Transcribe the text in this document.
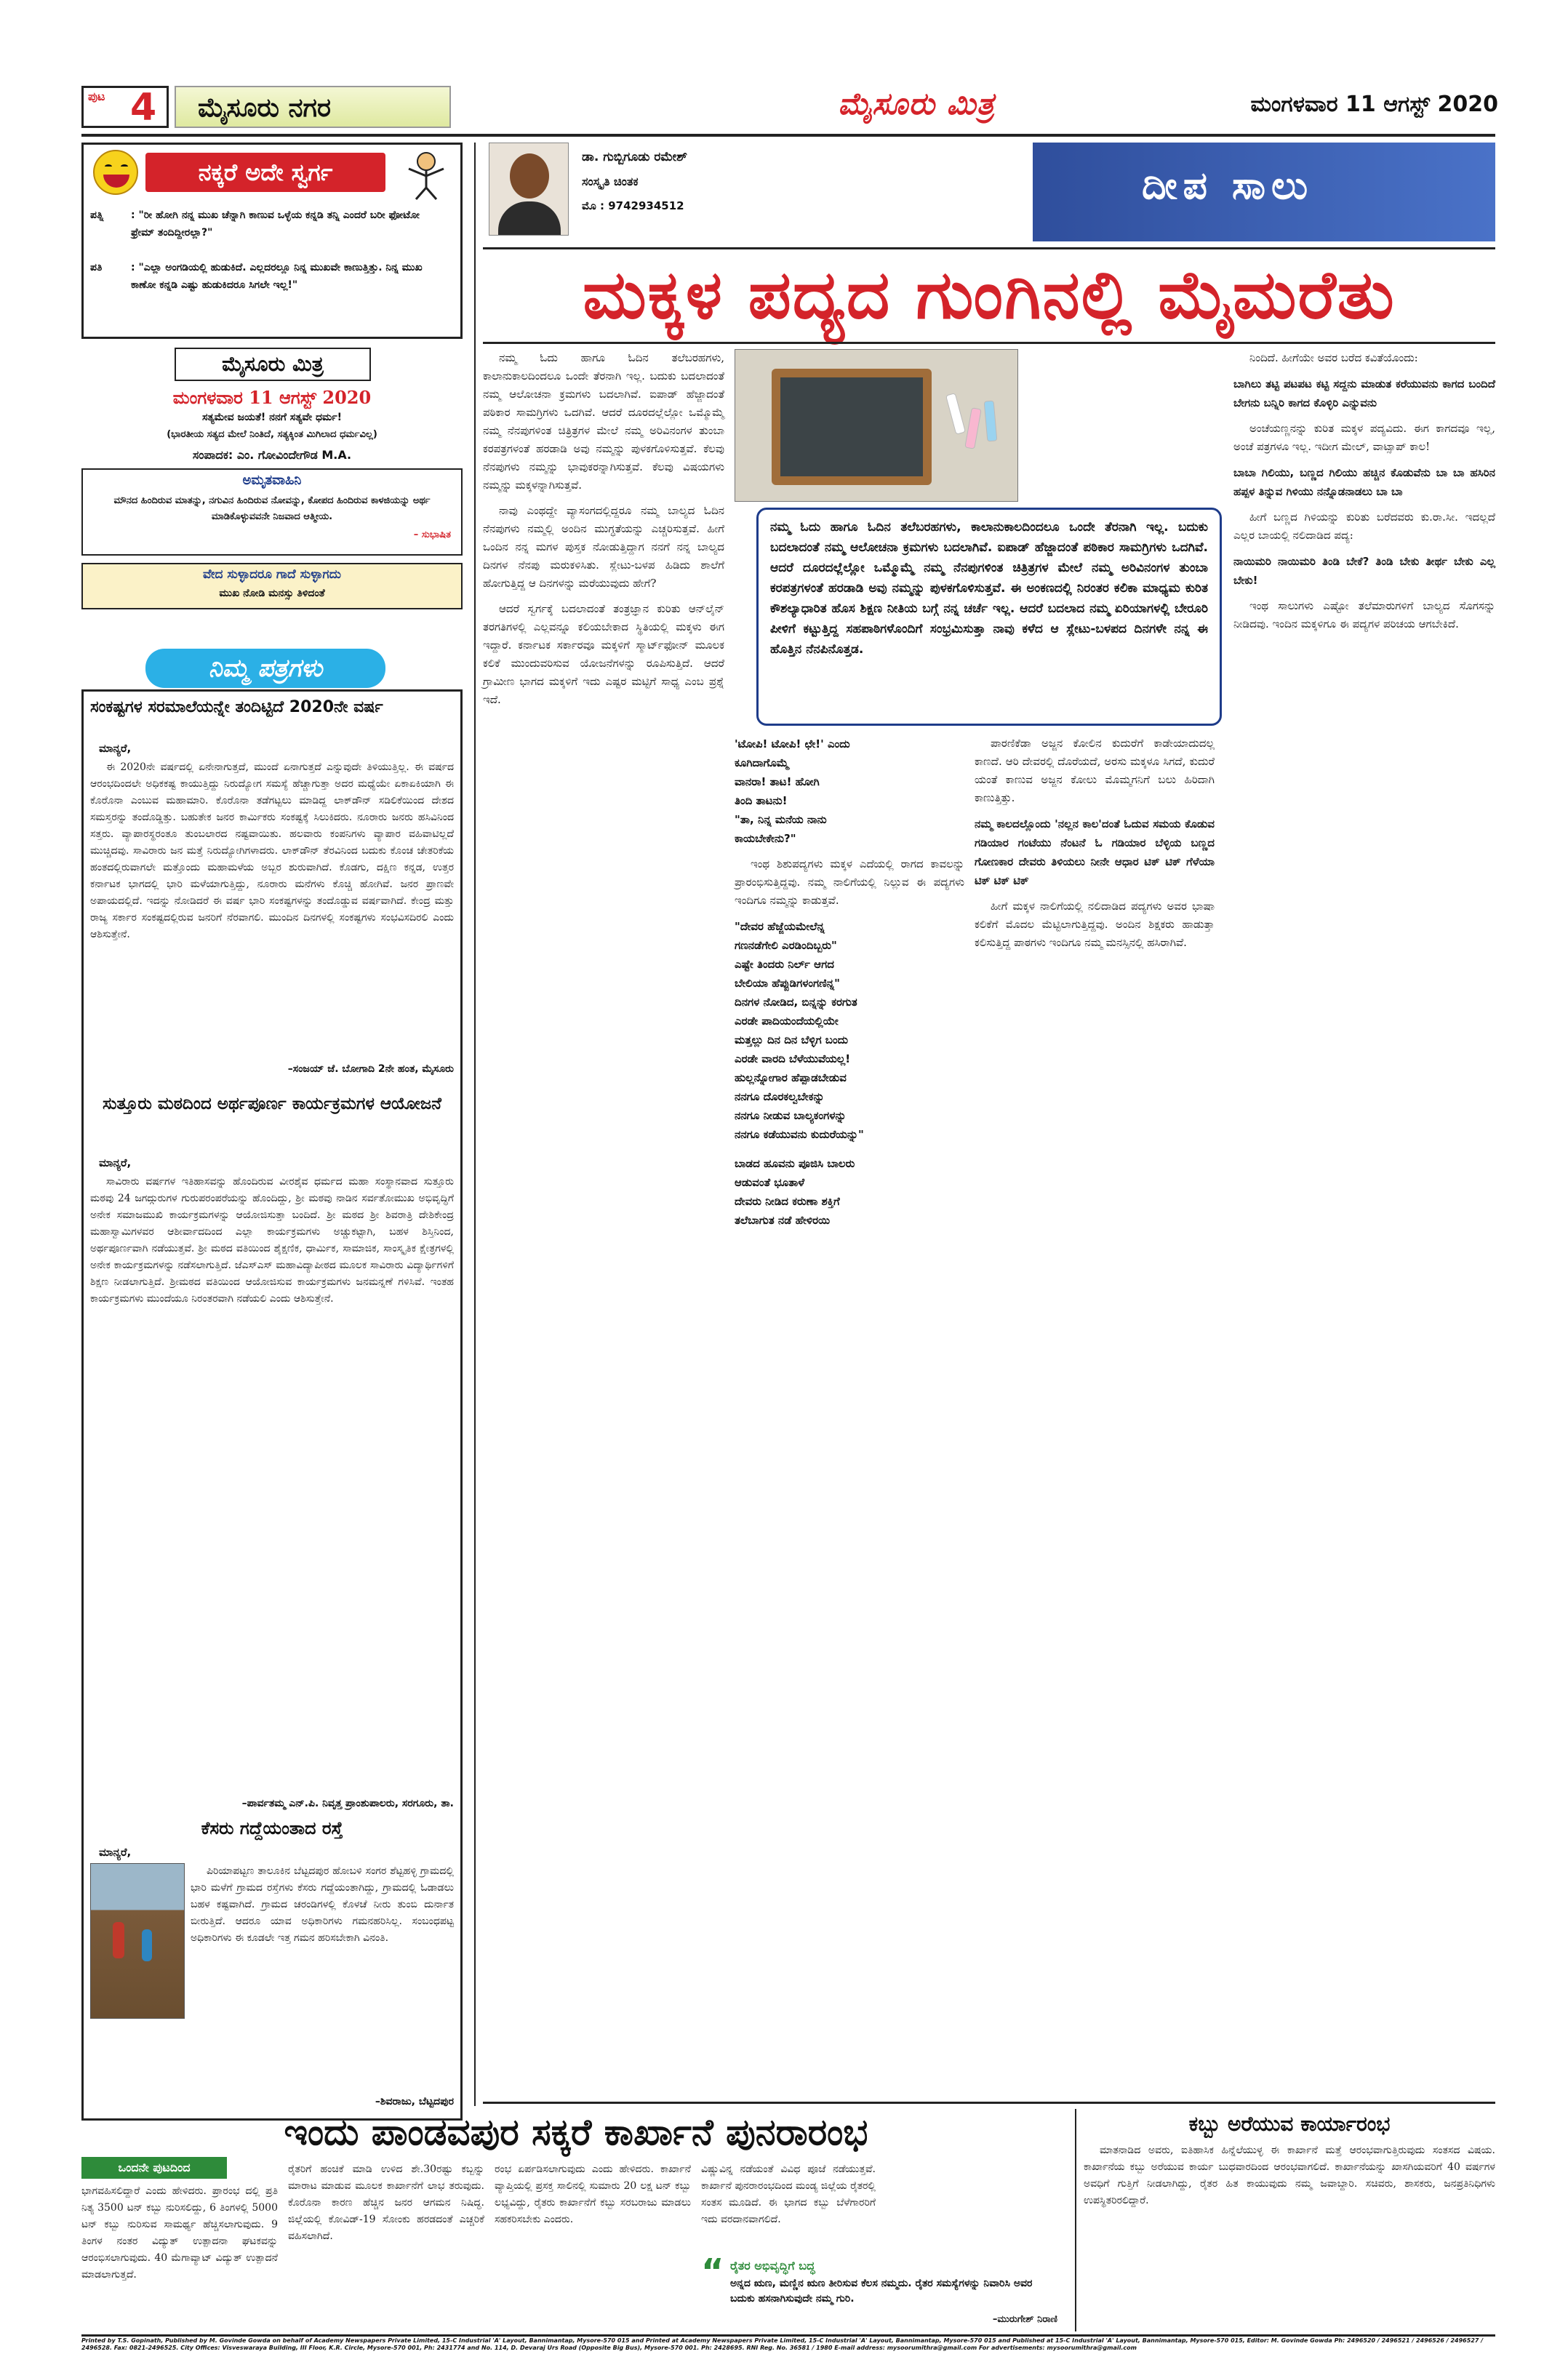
ಪುಟ 4 ಮೈಸೂರು ನಗರ	ಮೈಸೂರು ಮಿತ್ರ	ಮಂಗಳವಾರ 11 ಆಗಸ್ಟ್ 2020
ನಕ್ಕರೆ ಅದೇ ಸ್ವರ್ಗ
ಪತ್ನಿ	: "ರೀ ಹೋಗಿ ನನ್ನ ಮುಖ ಚೆನ್ನಾಗಿ ಕಾಣುವ ಒಳ್ಳೆಯ ಕನ್ನಡಿ ತನ್ನಿ ಎಂದರೆ ಬರೀ ಫೋಟೋ ಫ್ರೇಮ್ ತಂದಿದ್ದೀರಲ್ಲಾ?"
ಪತಿ	: "ಎಲ್ಲಾ ಅಂಗಡಿಯಲ್ಲಿ ಹುಡುಕಿದೆ. ಎಲ್ಲದರಲ್ಲೂ ನಿನ್ನ ಮುಖವೇ ಕಾಣುತ್ತಿತ್ತು. ನಿನ್ನ ಮುಖ ಕಾಣೋ ಕನ್ನಡಿ ಎಷ್ಟು ಹುಡುಕಿದರೂ ಸಿಗಲೇ ಇಲ್ಲ!"
ಮೈಸೂರು ಮಿತ್ರ
ಮಂಗಳವಾರ 11 ಆಗಸ್ಟ್ 2020
ಸತ್ಯಮೇವ ಜಯತೆ! ನನಗೆ ಸತ್ಯವೇ ಧರ್ಮ!
(ಭಾರತೀಯ ಸತ್ಯದ ಮೇಲೆ ನಿಂತಿದೆ, ಸತ್ಯಕ್ಕಿಂತ ಮಿಗಿಲಾದ ಧರ್ಮವಿಲ್ಲ)
ಸಂಪಾದಕ: ಎಂ. ಗೋವಿಂದೇಗೌಡ M.A.
ಅಮೃತವಾಹಿನಿ
ಮೌನದ ಹಿಂದಿರುವ ಮಾತನ್ನು, ನಗುವಿನ ಹಿಂದಿರುವ ನೋವನ್ನು, ಕೋಪದ ಹಿಂದಿರುವ ಕಾಳಜಿಯನ್ನು ಅರ್ಥ ಮಾಡಿಕೊಳ್ಳುವವನೇ ನಿಜವಾದ ಆತ್ಮೀಯ.
– ಸುಭಾಷಿತ
ವೇದ ಸುಳ್ಳಾದರೂ ಗಾದೆ ಸುಳ್ಳಾಗದು
ಮುಖ ನೋಡಿ ಮನಸ್ಸು ತಿಳಿದಂತೆ
ನಿಮ್ಮ ಪತ್ರಗಳು
ಸಂಕಷ್ಟಗಳ ಸರಮಾಲೆಯನ್ನೇ ತಂದಿಟ್ಟಿದೆ 2020ನೇ ವರ್ಷ
ಮಾನ್ಯರೆ,
ಈ 2020ನೇ ವರ್ಷದಲ್ಲಿ ಏನೇನಾಗುತ್ತದೆ, ಮುಂದೆ ಏನಾಗುತ್ತದೆ ಎನ್ನುವುದೇ ತಿಳಿಯುತ್ತಿಲ್ಲ. ಈ ವರ್ಷದ ಆರಂಭದಿಂದಲೇ ಅಧಿಕಕಷ್ಟ ಕಾಯುತ್ತಿದ್ದು ನಿರುದ್ಯೋಗ ಸಮಸ್ಯೆ ಹೆಚ್ಚಾಗುತ್ತಾ ಅದರ ಮಧ್ಯೆಯೇ ಏಕಾಏಕಿಯಾಗಿ ಈ ಕೊರೊನಾ ಎಂಬುವ ಮಹಾಮಾರಿ. ಕೊರೊನಾ ತಡೆಗಟ್ಟಲು ಮಾಡಿದ್ದ ಲಾಕ್‌ಡೌನ್ ಸಡಿಲಿಕೆಯಿಂದ ದೇಶದ ಸಮಸ್ತರನ್ನು ತಂದೊಡ್ಡಿತ್ತು. ಬಹುತೇಕ ಜನರ ಕಾರ್ಮಿಕರು ಸಂಕಷ್ಟಕ್ಕೆ ಸಿಲುಕಿದರು. ನೂರಾರು ಜನರು ಹಸಿವಿನಿಂದ ಸತ್ತರು. ವ್ಯಾಪಾರಸ್ಥರಂತೂ ತುಂಬಲಾರದ ನಷ್ಟವಾಯಿತು. ಹಲವಾರು ಕಂಪನಿಗಳು ವ್ಯಾಪಾರ ವಹಿವಾಟಿಲ್ಲದೆ ಮುಚ್ಚಿದವು. ಸಾವಿರಾರು ಜನ ಮತ್ತೆ ನಿರುದ್ಯೋಗಿಗಳಾದರು. ಲಾಕ್‌ಡೌನ್ ತೆರವಿನಿಂದ ಬದುಕು ಕೊಂಚ ಚೇತರಿಕೆಯ ಹಂತದಲ್ಲಿರುವಾಗಲೇ ಮತ್ತೊಂದು ಮಹಾಮಳೆಯ ಅಬ್ಬರ ಶುರುವಾಗಿದೆ. ಕೊಡಗು, ದಕ್ಷಿಣ ಕನ್ನಡ, ಉತ್ತರ ಕರ್ನಾಟಕ ಭಾಗದಲ್ಲಿ ಭಾರಿ ಮಳೆಯಾಗುತ್ತಿದ್ದು, ನೂರಾರು ಮನೆಗಳು ಕೊಚ್ಚಿ ಹೋಗಿವೆ. ಜನರ ಪ್ರಾಣವೇ ಅಪಾಯದಲ್ಲಿದೆ. ಇದನ್ನು ನೋಡಿದರೆ ಈ ವರ್ಷ ಭಾರಿ ಸಂಕಷ್ಟಗಳನ್ನು ತಂದೊಡ್ಡುವ ವರ್ಷವಾಗಿದೆ. ಕೇಂದ್ರ ಮತ್ತು ರಾಜ್ಯ ಸರ್ಕಾರ ಸಂಕಷ್ಟದಲ್ಲಿರುವ ಜನರಿಗೆ ನೆರವಾಗಲಿ. ಮುಂದಿನ ದಿನಗಳಲ್ಲಿ ಸಂಕಷ್ಟಗಳು ಸಂಭವಿಸದಿರಲಿ ಎಂದು ಆಶಿಸುತ್ತೇನೆ.
–ಸಂಜಯ್ ಜೆ. ಬೋಗಾದಿ 2ನೇ ಹಂತ, ಮೈಸೂರು
ಸುತ್ತೂರು ಮಠದಿಂದ ಅರ್ಥಪೂರ್ಣ ಕಾರ್ಯಕ್ರಮಗಳ ಆಯೋಜನೆ
ಮಾನ್ಯರೆ,
ಸಾವಿರಾರು ವರ್ಷಗಳ ಇತಿಹಾಸವನ್ನು ಹೊಂದಿರುವ ವೀರಶೈವ ಧರ್ಮದ ಮಹಾ ಸಂಸ್ಥಾನವಾದ ಸುತ್ತೂರು ಮಠವು 24 ಜಗದ್ಗುರುಗಳ ಗುರುಪರಂಪರೆಯನ್ನು ಹೊಂದಿದ್ದು, ಶ್ರೀ ಮಠವು ನಾಡಿನ ಸರ್ವತೋಮುಖ ಅಭಿವೃದ್ಧಿಗೆ ಅನೇಕ ಸಮಾಜಮುಖಿ ಕಾರ್ಯಕ್ರಮಗಳನ್ನು ಆಯೋಜಿಸುತ್ತಾ ಬಂದಿದೆ. ಶ್ರೀ ಮಠದ ಶ್ರೀ ಶಿವರಾತ್ರಿ ದೇಶಿಕೇಂದ್ರ ಮಹಾಸ್ವಾಮಿಗಳವರ ಆಶೀರ್ವಾದದಿಂದ ಎಲ್ಲಾ ಕಾರ್ಯಕ್ರಮಗಳು ಅಚ್ಚುಕಟ್ಟಾಗಿ, ಬಹಳ ಶಿಸ್ತಿನಿಂದ, ಅರ್ಥಪೂರ್ಣವಾಗಿ ನಡೆಯುತ್ತವೆ. ಶ್ರೀ ಮಠದ ವತಿಯಿಂದ ಶೈಕ್ಷಣಿಕ, ಧಾರ್ಮಿಕ, ಸಾಮಾಜಿಕ, ಸಾಂಸ್ಕೃತಿಕ ಕ್ಷೇತ್ರಗಳಲ್ಲಿ ಅನೇಕ ಕಾರ್ಯಕ್ರಮಗಳನ್ನು ನಡೆಸಲಾಗುತ್ತಿದೆ. ಜೆಎಸ್‌ಎಸ್ ಮಹಾವಿದ್ಯಾಪೀಠದ ಮೂಲಕ ಸಾವಿರಾರು ವಿದ್ಯಾರ್ಥಿಗಳಿಗೆ ಶಿಕ್ಷಣ ನೀಡಲಾಗುತ್ತಿದೆ. ಶ್ರೀಮಠದ ವತಿಯಿಂದ ಆಯೋಜಿಸುವ ಕಾರ್ಯಕ್ರಮಗಳು ಜನಮನ್ನಣೆ ಗಳಿಸಿವೆ. ಇಂತಹ ಕಾರ್ಯಕ್ರಮಗಳು ಮುಂದೆಯೂ ನಿರಂತರವಾಗಿ ನಡೆಯಲಿ ಎಂದು ಆಶಿಸುತ್ತೇನೆ.
–ಪಾರ್ವತಮ್ಮ ಎನ್.ಪಿ. ನಿವೃತ್ತ ಪ್ರಾಂಶುಪಾಲರು, ಸರಗೂರು, ತಾ.
ಕೆಸರು ಗದ್ದೆಯಂತಾದ ರಸ್ತೆ
ಮಾನ್ಯರೆ,
ಪಿರಿಯಾಪಟ್ಟಣ ತಾಲೂಕಿನ ಬೆಟ್ಟದಪುರ ಹೋಬಳಿ ಸಂಗರ ಶೆಟ್ಟಹಳ್ಳಿ ಗ್ರಾಮದಲ್ಲಿ ಭಾರಿ ಮಳೆಗೆ ಗ್ರಾಮದ ರಸ್ತೆಗಳು ಕೆಸರು ಗದ್ದೆಯಂತಾಗಿದ್ದು, ಗ್ರಾಮದಲ್ಲಿ ಓಡಾಡಲು ಬಹಳ ಕಷ್ಟವಾಗಿದೆ. ಗ್ರಾಮದ ಚರಂಡಿಗಳಲ್ಲಿ ಕೊಳಚೆ ನೀರು ತುಂಬಿ ದುರ್ನಾತ ಬೀರುತ್ತಿದೆ. ಆದರೂ ಯಾವ ಅಧಿಕಾರಿಗಳು ಗಮನಹರಿಸಿಲ್ಲ. ಸಂಬಂಧಪಟ್ಟ ಅಧಿಕಾರಿಗಳು ಈ ಕೂಡಲೇ ಇತ್ತ ಗಮನ ಹರಿಸಬೇಕಾಗಿ ವಿನಂತಿ.
–ಶಿವರಾಜು, ಬೆಟ್ಟದಪುರ
ಡಾ. ಗುಬ್ಬಿಗೂಡು ರಮೇಶ್
ಸಂಸ್ಕೃತಿ ಚಿಂತಕ
ಮೊ : 9742934512	ದೀಪ ಸಾಲು
ಮಕ್ಕಳ ಪದ್ಯದ ಗುಂಗಿನಲ್ಲಿ ಮೈಮರೆತು
ನಮ್ಮ ಓದು ಹಾಗೂ ಓದಿನ ತಲೆಬರಹಗಳು, ಕಾಲಾನುಕಾಲದಿಂದಲೂ ಒಂದೇ ತೆರನಾಗಿ ಇಲ್ಲ. ಬದುಕು ಬದಲಾದಂತೆ ನಮ್ಮ ಆಲೋಚನಾ ಕ್ರಮಗಳು ಬದಲಾಗಿವೆ. ಐಪಾಡ್ ಹೆಜ್ಜಾದಂತೆ ಪಠಿಕಾರ ಸಾಮಗ್ರಿಗಳು ಒದಗಿವೆ. ಆದರೆ ದೂರದಲ್ಲೆಲ್ಲೋ ಒಮ್ಮೊಮ್ಮೆ ನಮ್ಮ ನೆನಪುಗಳಿಂತ ಚಿತ್ರಿತ್ರಗಳ ಮೇಲೆ ನಮ್ಮ ಅರಿವಿನಂಗಳ ತುಂಬಾ ಕರಪತ್ರಗಳಂತೆ ಹರಡಾಡಿ ಅವು ನಮ್ಮನ್ನು ಪುಳಕಗೊಳಿಸುತ್ತವೆ. ಈ ಅಂಕಣದಲ್ಲಿ ನಿರಂತರ ಕಲಿಕಾ ಮಾಧ್ಯಮ ಕುರಿತ ಕೌಶಲ್ಯಾಧಾರಿತ ಹೊಸ ಶಿಕ್ಷಣ ನೀತಿಯ ಬಗ್ಗೆ ನನ್ನ ಚರ್ಚೆ ಇಲ್ಲ. ಆದರೆ ಬದಲಾದ ನಮ್ಮ ಏರಿಯಾಗಳಲ್ಲಿ ಬೇರೂರಿ ಪೀಳಿಗೆ ಕಟ್ಟುತ್ತಿದ್ದ ಸಹಪಾಠಿಗಳೊಂದಿಗೆ ಸಂಭ್ರಮಿಸುತ್ತಾ ನಾವು ಕಳೆದ ಆ ಸ್ಲೇಟು-ಬಳಪದ ದಿನಗಳೇ ನನ್ನ ಈ ಹೊತ್ತಿನ ನೆನಪಿನೊತ್ತಡ.

ನಮ್ಮ ಓದು ಹಾಗೂ ಓದಿನ ತಲೆಬರಹಗಳು, ಕಾಲಾನುಕಾಲದಿಂದಲೂ ಒಂದೇ ತೆರನಾಗಿ ಇಲ್ಲ. ಬದುಕು ಬದಲಾದಂತೆ ನಮ್ಮ ಆಲೋಚನಾ ಕ್ರಮಗಳು ಬದಲಾಗಿವೆ. ಐಪಾಡ್ ಹೆಜ್ಜಾದಂತೆ ಪಠಿಕಾರ ಸಾಮಗ್ರಿಗಳು ಒದಗಿವೆ. ಆದರೆ ದೂರದಲ್ಲೆಲ್ಲೋ ಒಮ್ಮೊಮ್ಮೆ ನಮ್ಮ ನೆನಪುಗಳಿಂತ ಚಿತ್ರಿತ್ರಗಳ ಮೇಲೆ ನಮ್ಮ ಅರಿವಿನಂಗಳ ತುಂಬಾ ಕರಪತ್ರಗಳಂತೆ ಹರಡಾಡಿ ಅವು ನಮ್ಮನ್ನು ಪುಳಕಗೊಳಿಸುತ್ತವೆ. ಕೆಲವು ನೆನಪುಗಳು ನಮ್ಮನ್ನು ಭಾವುಕರನ್ನಾಗಿಸುತ್ತವೆ. ಕೆಲವು ವಿಷಯಗಳು ನಮ್ಮನ್ನು ಮಕ್ಕಳನ್ನಾಗಿಸುತ್ತವೆ.

ನಾವು ಎಂಥದ್ದೇ ವ್ಯಾಸಂಗದಲ್ಲಿದ್ದರೂ ನಮ್ಮ ಬಾಲ್ಯದ ಓದಿನ ನೆನಪುಗಳು ನಮ್ಮಲ್ಲಿ ಅಂದಿನ ಮುಗ್ಧತೆಯನ್ನು ಎಚ್ಚರಿಸುತ್ತವೆ. ಹೀಗೆ ಒಂದಿನ ನನ್ನ ಮಗಳ ಪುಸ್ತಕ ನೋಡುತ್ತಿದ್ದಾಗ ನನಗೆ ನನ್ನ ಬಾಲ್ಯದ ದಿನಗಳ ನೆನಪು ಮರುಕಳಿಸಿತು. ಸ್ಲೇಟು-ಬಳಪ ಹಿಡಿದು ಶಾಲೆಗೆ ಹೋಗುತ್ತಿದ್ದ ಆ ದಿನಗಳನ್ನು ಮರೆಯುವುದು ಹೇಗೆ?

ಆದರೆ ಸ್ವರ್ಗಕ್ಕೆ ಬದಲಾದಂತೆ ತಂತ್ರಜ್ಞಾನ ಕುರಿತು ಆನ್‌ಲೈನ್ ತರಗತಿಗಳಲ್ಲಿ ಎಲ್ಲವನ್ನೂ ಕಲಿಯಬೇಕಾದ ಸ್ಥಿತಿಯಲ್ಲಿ ಮಕ್ಕಳು ಈಗ ಇದ್ದಾರೆ. ಕರ್ನಾಟಕ ಸರ್ಕಾರವೂ ಮಕ್ಕಳಿಗೆ ಸ್ಮಾರ್ಟ್‌ಫೋನ್ ಮೂಲಕ ಕಲಿಕೆ ಮುಂದುವರಿಸುವ ಯೋಜನೆಗಳನ್ನು ರೂಪಿಸುತ್ತಿದೆ. ಆದರೆ ಗ್ರಾಮೀಣ ಭಾಗದ ಮಕ್ಕಳಿಗೆ ಇದು ಎಷ್ಟರ ಮಟ್ಟಿಗೆ ಸಾಧ್ಯ ಎಂಬ ಪ್ರಶ್ನೆ ಇದೆ.

'ಟೋಪಿ! ಟೋಪಿ! ಛೇ!' ಎಂದು
ಕೂಗಿದಾಗೊಮ್ಮೆ
ವಾನರಾ! ತಾಟ! ಹೋಗಿ
ತಿಂದಿ ತಾಟನು!
"ತಾ, ನಿನ್ನ ಮನೆಯ ನಾನು
ಕಾಯಬೇಕೇನು?"

ಇಂಥ ಶಿಶುಪದ್ಯಗಳು ಮಕ್ಕಳ ಎದೆಯಲ್ಲಿ ರಾಗದ ಕಾವಲನ್ನು ಪ್ರಾರಂಭಿಸುತ್ತಿದ್ದವು. ನಮ್ಮ ನಾಲಿಗೆಯಲ್ಲಿ ನಿಲ್ಲುವ ಈ ಪದ್ಯಗಳು ಇಂದಿಗೂ ನಮ್ಮನ್ನು ಕಾಡುತ್ತವೆ.

"ದೇವರ ಹೆಜ್ಜೆಯಮೇಲೆನ್ನ
ಗಣನಡೆಗೇಲಿ ಎರಡಿಂದಿಬ್ಬರು"
ಎಷ್ಟೇ ತಿಂದರು ನಿರ್ಲ್ ಆಗದ
ಬೇಲಿಯಾ ಹೆಪ್ಪುಡಿಗಳಂಗಣಿನ್ನ"
ದಿನಗಳ ನೋಡಿದ, ಬಿನ್ನನ್ನು ಕರಗುತ
ಎರಡೇ ಪಾದಿಯಂದೆಯಲ್ಲಿಯೇ
ಮತ್ತಲ್ಲು ದಿನ ದಿನ ಬೆಳ್ಳಿಗ ಬಂದು
ಎರಡೇ ವಾರದಿ ಬೆಳೆಯುವೆಯಲ್ಲ!
ಹುಲ್ಲನ್ನೋಗಾರ ಹೆಪ್ಪಾಡಬೇಡುವ
ನನಗೂ ದೊರಕಲ್ವಬೇಕನ್ನು
ನನಗೂ ನೀಡುವ ಬಾಲ್ಯಕಂಗಳನ್ನು
ನನಗೂ ಕಡೆಯುವನು ಕುದುರೆಯನ್ನು"
ಬಾಡದ ಹೂವನು ಪೂಜಿಸಿ ಬಾಲರು
ಆಡುವಂತೆ ಭೂತಾಳೆ
ದೇವರು ನೀಡಿದ ಕರುಣಾ ಶಕ್ತಿಗೆ
ತಲೆಬಾಗುತ ನಡೆ ಹೇಳಿರಯಿ

ಪಾರಣಿಕೆಡಾ ಅಜ್ಜನ ಕೋಲಿನ ಕುದುರೆಗೆ ಕಾಡೇಯಾದುದಲ್ಲ ಕಾಣದೆ. ಆರಿ ದೇವರಲ್ಲಿ ದೊರೆಯದೆ, ಅರಸು ಮಕ್ಕಳೂ ಸಿಗದೆ, ಕುದುರೆ ಯಂತೆ ಕಾಣುವ ಅಜ್ಜನ ಕೋಲು ಮೊಮ್ಮಗನಿಗೆ ಬಲು ಹಿರಿದಾಗಿ ಕಾಣುತ್ತಿತ್ತು.

ನಮ್ಮ ಕಾಲದಲ್ಲೊಂದು 'ನಲ್ಲನ ಕಾಲ'ದಂತೆ ಓದುವ ಸಮಯ ಕೊಡುವ ಗಡಿಯಾರ ಗಂಟೆಯು ನೆಂಟನೆ ಓ ಗಡಿಯಾರ ಬೆಳ್ಳಿಯ ಬಣ್ಣದ ಗೋಣಕಾರ ದೇವರು ತಿಳಿಯಲು ನೀನೇ ಆಧಾರ ಟಿಕ್ ಟಿಕ್ ಗೆಳೆಯಾ ಟಿಕ್ ಟಿಕ್ ಟಿಕ್

ಹೀಗೆ ಮಕ್ಕಳ ನಾಲಿಗೆಯಲ್ಲಿ ನಲಿದಾಡಿದ ಪದ್ಯಗಳು ಅವರ ಭಾಷಾ ಕಲಿಕೆಗೆ ಮೊದಲ ಮೆಟ್ಟಿಲಾಗುತ್ತಿದ್ದವು. ಅಂದಿನ ಶಿಕ್ಷಕರು ಹಾಡುತ್ತಾ ಕಲಿಸುತ್ತಿದ್ದ ಪಾಠಗಳು ಇಂದಿಗೂ ನಮ್ಮ ಮನಸ್ಸಿನಲ್ಲಿ ಹಸಿರಾಗಿವೆ.

ನಿಂದಿದೆ. ಹೀಗೆಯೇ ಅವರ ಬರೆದ ಕವಿತೆಯೊಂದು:

ಬಾಗಿಲು ತಟ್ಟಿ ಪಟಪಟ ಕಟ್ಟಿ ಸದ್ದನು ಮಾಡುತ ಕರೆಯುವನು ಕಾಗದ ಬಂದಿದೆ ಬೇಗನು ಬನ್ನಿರಿ ಕಾಗದ ಕೊಳ್ಳಿರಿ ಎನ್ನುವನು

ಅಂಚೆಯಣ್ಣನನ್ನು ಕುರಿತ ಮಕ್ಕಳ ಪದ್ಯವಿದು. ಈಗ ಕಾಗದವೂ ಇಲ್ಲ, ಅಂಚೆ ಪತ್ರಗಳೂ ಇಲ್ಲ. ಇದೀಗ ಮೇಲ್, ವಾಟ್ಸಾಪ್ ಕಾಲ!

ಬಾಬಾ ಗಿಲಿಯು, ಬಣ್ಣದ ಗಿಲಿಯು ಹಚ್ಚಿನ ಕೊಡುವೆನು ಬಾ ಬಾ ಹಸಿರಿನ ಹಪ್ಪಳ ತಿನ್ನುವ ಗಿಳಿಯು ನನ್ನೊಡನಾಡಲು ಬಾ ಬಾ

ಹೀಗೆ ಬಣ್ಣದ ಗಿಳಿಯನ್ನು ಕುರಿತು ಬರೆದವರು ಕು.ರಾ.ಸೀ. ಇದಲ್ಲದೆ ಎಲ್ಲರ ಬಾಯಲ್ಲಿ ನಲಿದಾಡಿದ ಪದ್ಯ:

ನಾಯಿಮರಿ ನಾಯಿಮರಿ ತಿಂಡಿ ಬೇಕೆ? ತಿಂಡಿ ಬೇಕು ತೀರ್ಥ ಬೇಕು ಎಲ್ಲ ಬೇಕು!

ಇಂಥ ಸಾಲುಗಳು ಎಷ್ಟೋ ತಲೆಮಾರುಗಳಿಗೆ ಬಾಲ್ಯದ ಸೊಗಸನ್ನು ನೀಡಿದವು. ಇಂದಿನ ಮಕ್ಕಳಿಗೂ ಈ ಪದ್ಯಗಳ ಪರಿಚಯ ಆಗಬೇಕಿದೆ.

ಇಂದು ಪಾಂಡವಪುರ ಸಕ್ಕರೆ ಕಾರ್ಖಾನೆ ಪುನರಾರಂಭ
ಒಂದನೇ ಪುಟದಿಂದ
ಭಾಗವಹಿಸಲಿದ್ದಾರೆ ಎಂದು ಹೇಳಿದರು. ಪ್ರಾರಂಭ ದಲ್ಲಿ ಪ್ರತಿ ನಿತ್ಯ 3500 ಟನ್ ಕಬ್ಬು ನುರಿಸಲಿದ್ದು, 6 ತಿಂಗಳಲ್ಲಿ 5000 ಟನ್ ಕಬ್ಬು ನುರಿಸುವ ಸಾಮರ್ಥ್ಯ ಹೆಚ್ಚಿಸಲಾಗುವುದು. 9 ತಿಂಗಳ ನಂತರ ವಿದ್ಯುತ್ ಉತ್ಪಾದನಾ ಘಟಕವನ್ನು ಆರಂಭಿಸಲಾಗುವುದು. 40 ಮೆಗಾವ್ಯಾಟ್ ವಿದ್ಯುತ್ ಉತ್ಪಾದನೆ ಮಾಡಲಾಗುತ್ತದೆ.
ರೈತರಿಗೆ ಹಂಚಿಕೆ ಮಾಡಿ ಉಳಿದ ಶೇ.30ರಷ್ಟು ಕಬ್ಬನ್ನು ಮಾರಾಟ ಮಾಡುವ ಮೂಲಕ ಕಾರ್ಖಾನೆಗೆ ಲಾಭ ತರುವುದು. ಕೊರೊನಾ ಕಾರಣ ಹೆಚ್ಚಿನ ಜನರ ಆಗಮನ ನಿಷಿದ್ಧ. ಜಿಲ್ಲೆಯಲ್ಲಿ ಕೋವಿಡ್-19 ಸೋಂಕು ಹರಡದಂತೆ ಎಚ್ಚರಿಕೆ ವಹಿಸಲಾಗಿದೆ.
ರಂಭ ಏರ್ಪಡಿಸಲಾಗುವುದು ಎಂದು ಹೇಳಿದರು. ಕಾರ್ಖಾನೆ ವ್ಯಾಪ್ತಿಯಲ್ಲಿ ಪ್ರಸಕ್ತ ಸಾಲಿನಲ್ಲಿ ಸುಮಾರು 20 ಲಕ್ಷ ಟನ್ ಕಬ್ಬು ಲಭ್ಯವಿದ್ದು, ರೈತರು ಕಾರ್ಖಾನೆಗೆ ಕಬ್ಬು ಸರಬರಾಜು ಮಾಡಲು ಸಹಕರಿಸಬೇಕು ಎಂದರು.
ವಿಷ್ಣುವಿನ್ನ ನಡೆಯಂತೆ ವಿವಿಧ ಪೂಜೆ ನಡೆಯುತ್ತವೆ. ಕಾರ್ಖಾನೆ ಪುನರಾರಂಭದಿಂದ ಮಂಡ್ಯ ಜಿಲ್ಲೆಯ ರೈತರಲ್ಲಿ ಸಂತಸ ಮೂಡಿದೆ. ಈ ಭಾಗದ ಕಬ್ಬು ಬೆಳೆಗಾರರಿಗೆ ಇದು ವರದಾನವಾಗಲಿದೆ.
“ ರೈತರ ಅಭಿವೃದ್ಧಿಗೆ ಬದ್ಧ
ಅನ್ನದ ಋಣ, ಮಣ್ಣಿನ ಋಣ ತೀರಿಸುವ ಕೆಲಸ ನಮ್ಮದು. ರೈತರ ಸಮಸ್ಯೆಗಳನ್ನು ನಿವಾರಿಸಿ ಅವರ ಬದುಕು ಹಸನಾಗಿಸುವುದೇ ನಮ್ಮ ಗುರಿ.
–ಮುರುಗೇಶ್ ನಿರಾಣಿ
ಕಬ್ಬು ಅರೆಯುವ ಕಾರ್ಯಾರಂಭ
ಮಾತನಾಡಿದ ಅವರು, ಐತಿಹಾಸಿಕ ಹಿನ್ನೆಲೆಯುಳ್ಳ ಈ ಕಾರ್ಖಾನೆ ಮತ್ತೆ ಆರಂಭವಾಗುತ್ತಿರುವುದು ಸಂತಸದ ವಿಷಯ. ಕಾರ್ಖಾನೆಯ ಕಬ್ಬು ಅರೆಯುವ ಕಾರ್ಯ ಬುಧವಾರದಿಂದ ಆರಂಭವಾಗಲಿದೆ. ಕಾರ್ಖಾನೆಯನ್ನು ಖಾಸಗಿಯವರಿಗೆ 40 ವರ್ಷಗಳ ಅವಧಿಗೆ ಗುತ್ತಿಗೆ ನೀಡಲಾಗಿದ್ದು, ರೈತರ ಹಿತ ಕಾಯುವುದು ನಮ್ಮ ಜವಾಬ್ದಾರಿ. ಸಚಿವರು, ಶಾಸಕರು, ಜನಪ್ರತಿನಿಧಿಗಳು ಉಪಸ್ಥಿತರಿರಲಿದ್ದಾರೆ.
Printed by T.S. Gopinath, Published by M. Govinde Gowda on behalf of Academy Newspapers Private Limited, 15-C Industrial 'A' Layout, Bannimantap, Mysore-570 015 and Printed at Academy Newspapers Private Limited, 15-C Industrial 'A' Layout, Bannimantap, Mysore-570 015 and Published at 15-C Industrial 'A' Layout, Bannimantap, Mysore-570 015, Editor: M. Govinde Gowda Ph: 2496520 / 2496521 / 2496526 / 2496527 / 2496528. Fax: 0821-2496525. City Offices: Visveswaraya Building, III Floor, K.R. Circle, Mysore-570 001, Ph: 2431774 and No. 114, D. Devaraj Urs Road (Opposite Big Bus), Mysore-570 001. Ph: 2428695. RNI Reg. No. 36581 / 1980 E-mail address: mysoorumithra@gmail.com For advertisements: mysoorumithra@gmail.com
